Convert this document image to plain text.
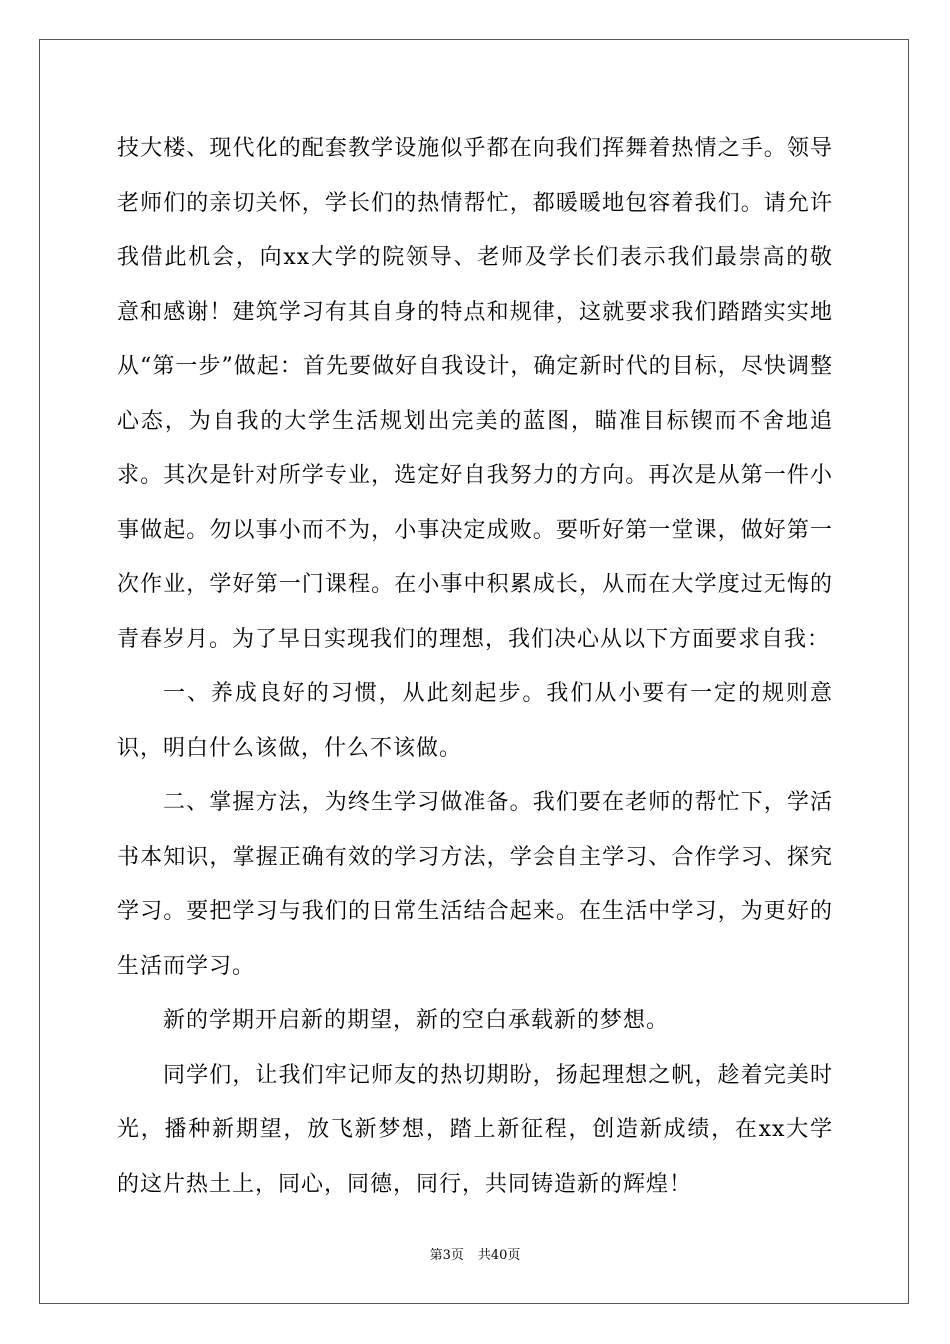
技大楼、现代化的配套教学设施似乎都在向我们挥舞着热情之手。领导老师们的亲切关怀，学长们的热情帮忙，都暖暖地包容着我们。请允许我借此机会，向xx大学的院领导、老师及学长们表示我们最崇高的敬意和感谢！建筑学习有其自身的特点和规律，这就要求我们踏踏实实地从“第一步”做起：首先要做好自我设计，确定新时代的目标，尽快调整心态，为自我的大学生活规划出完美的蓝图，瞄准目标锲而不舍地追求。其次是针对所学专业，选定好自我努力的方向。再次是从第一件小事做起。勿以事小而不为，小事决定成败。要听好第一堂课，做好第一次作业，学好第一门课程。在小事中积累成长，从而在大学度过无悔的青春岁月。为了早日实现我们的理想，我们决心从以下方面要求自我：

一、养成良好的习惯，从此刻起步。我们从小要有一定的规则意识，明白什么该做，什么不该做。

二、掌握方法，为终生学习做准备。我们要在老师的帮忙下，学活书本知识，掌握正确有效的学习方法，学会自主学习、合作学习、探究学习。要把学习与我们的日常生活结合起来。在生活中学习，为更好的生活而学习。

新的学期开启新的期望，新的空白承载新的梦想。

同学们，让我们牢记师友的热切期盼，扬起理想之帆，趁着完美时光，播种新期望，放飞新梦想，踏上新征程，创造新成绩，在xx大学的这片热土上，同心，同德，同行，共同铸造新的辉煌！

第3页 共40页
